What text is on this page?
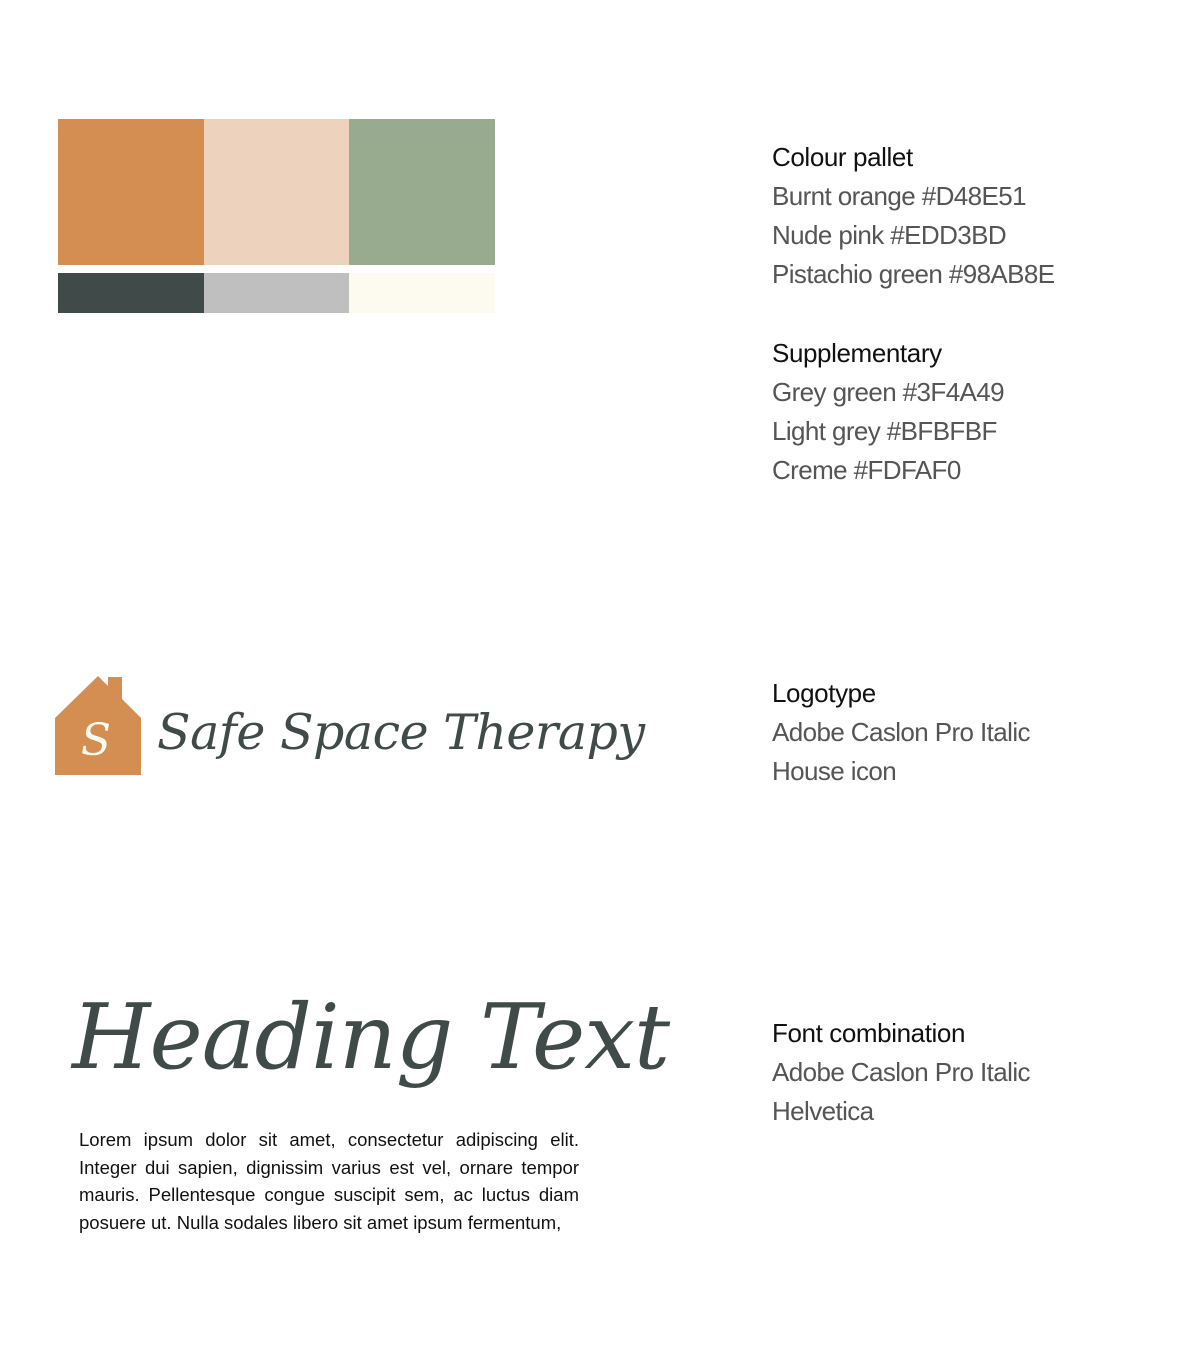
Colour pallet
Burnt orange #D48E51
Nude pink #EDD3BD
Pistachio green #98AB8E
Supplementary
Grey green #3F4A49
Light grey #BFBFBF
Creme #FDFAF0
S Safe Space Therapy
Logotype
Adobe Caslon Pro Italic
House icon
Heading Text
Lorem ipsum dolor sit amet, consectetur adipiscing elit. Integer dui sapien, dignissim varius est vel, ornare tempor mauris. Pellentesque congue suscipit sem, ac luctus diam posuere ut. Nulla sodales libero sit amet ipsum fermentum,
Font combination
Adobe Caslon Pro Italic
Helvetica
